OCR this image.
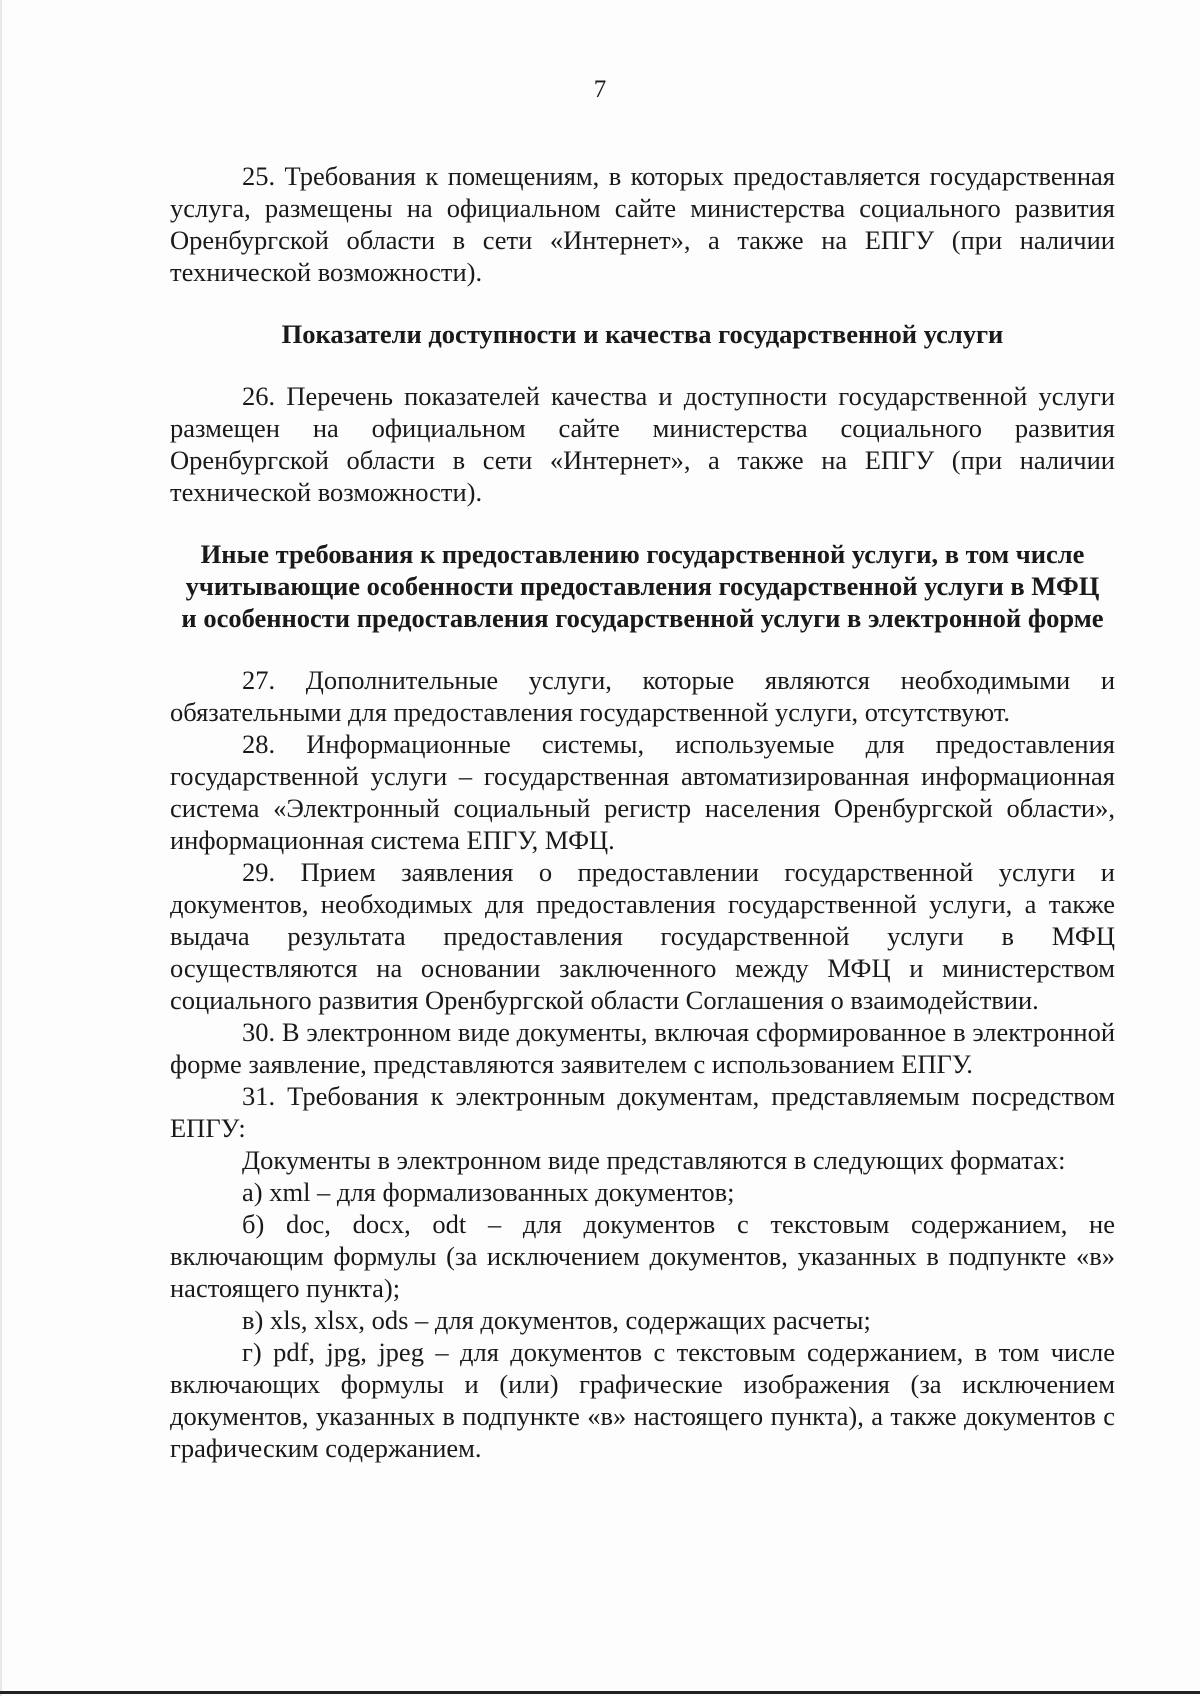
7

25. Требования к помещениям, в которых предоставляется государственная услуга, размещены на официальном сайте министерства социального развития Оренбургской области в сети «Интернет», а также на ЕПГУ (при наличии технической возможности).

Показатели доступности и качества государственной услуги

26. Перечень показателей качества и доступности государственной услуги размещен на официальном сайте министерства социального развития Оренбургской области в сети «Интернет», а также на ЕПГУ (при наличии технической возможности).

Иные требования к предоставлению государственной услуги, в том числе учитывающие особенности предоставления государственной услуги в МФЦ и особенности предоставления государственной услуги в электронной форме

27. Дополнительные услуги, которые являются необходимыми и обязательными для предоставления государственной услуги, отсутствуют.

28. Информационные системы, используемые для предоставления государственной услуги – государственная автоматизированная информационная система «Электронный социальный регистр населения Оренбургской области», информационная система ЕПГУ, МФЦ.

29. Прием заявления о предоставлении государственной услуги и документов, необходимых для предоставления государственной услуги, а также выдача результата предоставления государственной услуги в МФЦ осуществляются на основании заключенного между МФЦ и министерством социального развития Оренбургской области Соглашения о взаимодействии.

30. В электронном виде документы, включая сформированное в электронной форме заявление, представляются заявителем с использованием ЕПГУ.

31. Требования к электронным документам, представляемым посредством ЕПГУ:

Документы в электронном виде представляются в следующих форматах:

а) xml – для формализованных документов;

б) doc, docx, odt – для документов с текстовым содержанием, не включающим формулы (за исключением документов, указанных в подпункте «в» настоящего пункта);

в) xls, xlsx, ods – для документов, содержащих расчеты;

г) pdf, jpg, jpeg – для документов с текстовым содержанием, в том числе включающих формулы и (или) графические изображения (за исключением документов, указанных в подпункте «в» настоящего пункта), а также документов с графическим содержанием.
